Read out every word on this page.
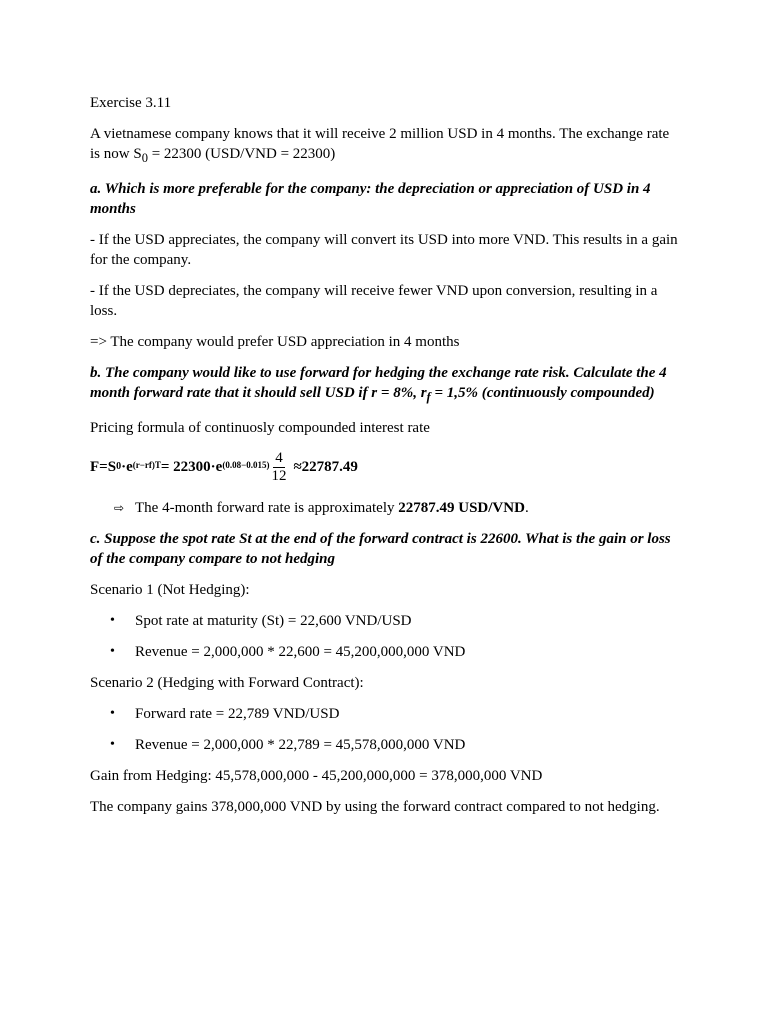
Exercise 3.11

A vietnamese company knows that it will receive 2 million USD in 4 months. The exchange rate is now $S_0 = 22300$ (USD/VND = 22300)

a. Which is more preferable for the company: the depreciation or appreciation of USD in 4 months

- If the USD appreciates, the company will convert its USD into more VND. This results in a gain for the company.

- If the USD depreciates, the company will receive fewer VND upon conversion, resulting in a loss.

=> The company would prefer USD appreciation in 4 months

b. The company would like to use forward for hedging the exchange rate risk. Calculate the 4 month forward rate that it should sell USD if r = 8%, $r_f = 1,5\%$ (continuously compounded)

Pricing formula of continuosly compounded interest rate

F=S $0 \cdot e^{(r-rf)T} = 22300\cdot e^{(0.08-0.015)} \frac{4}{12} \approx 22787.49$
⇨ The 4-month forward rate is approximately 22787.49 USD/VND.

c. Suppose the spot rate St at the end of the forward contract is 22600. What is the gain or loss of the company compare to not hedging

Scenario 1 (Not Hedging):

•	Spot rate at maturity (St) = 22,600 VND/USD
•	Revenue = 2,000,000 * 22,600 = 45,200,000,000 VND

Scenario 2 (Hedging with Forward Contract):

•	Forward rate = 22,789 VND/USD
•	Revenue = 2,000,000 * 22,789 = 45,578,000,000 VND

Gain from Hedging: 45,578,000,000 - 45,200,000,000 = 378,000,000 VND

The company gains 378,000,000 VND by using the forward contract compared to not hedging.
